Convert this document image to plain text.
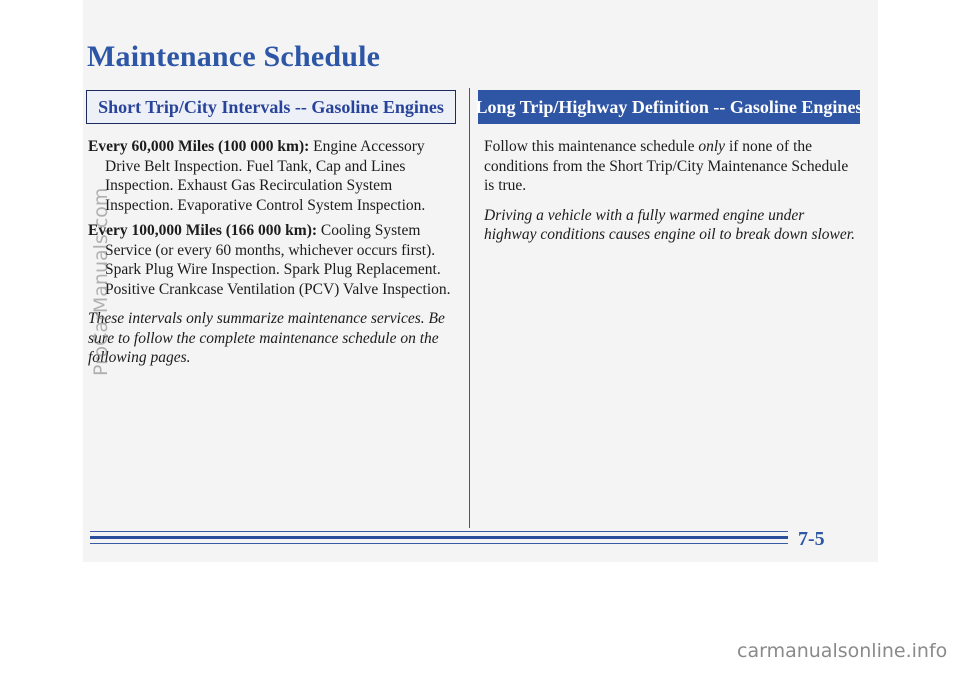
Maintenance Schedule
Short Trip/City Intervals -- Gasoline Engines	Long Trip/Highway Definition -- Gasoline Engines

Every 60,000 Miles (100 000 km): Engine Accessory Drive Belt Inspection. Fuel Tank, Cap and Lines Inspection. Exhaust Gas Recirculation System Inspection. Evaporative Control System Inspection.

Every 100,000 Miles (166 000 km): Cooling System Service (or every 60 months, whichever occurs first). Spark Plug Wire Inspection. Spark Plug Replacement. Positive Crankcase Ventilation (PCV) Valve Inspection.

These intervals only summarize maintenance services. Be sure to follow the complete maintenance schedule on the following pages.

Follow this maintenance schedule only if none of the conditions from the Short Trip/City Maintenance Schedule is true.

Driving a vehicle with a fully warmed engine under highway conditions causes engine oil to break down slower.

7-5
ProCarManuals.com
carmanualsonline.info
